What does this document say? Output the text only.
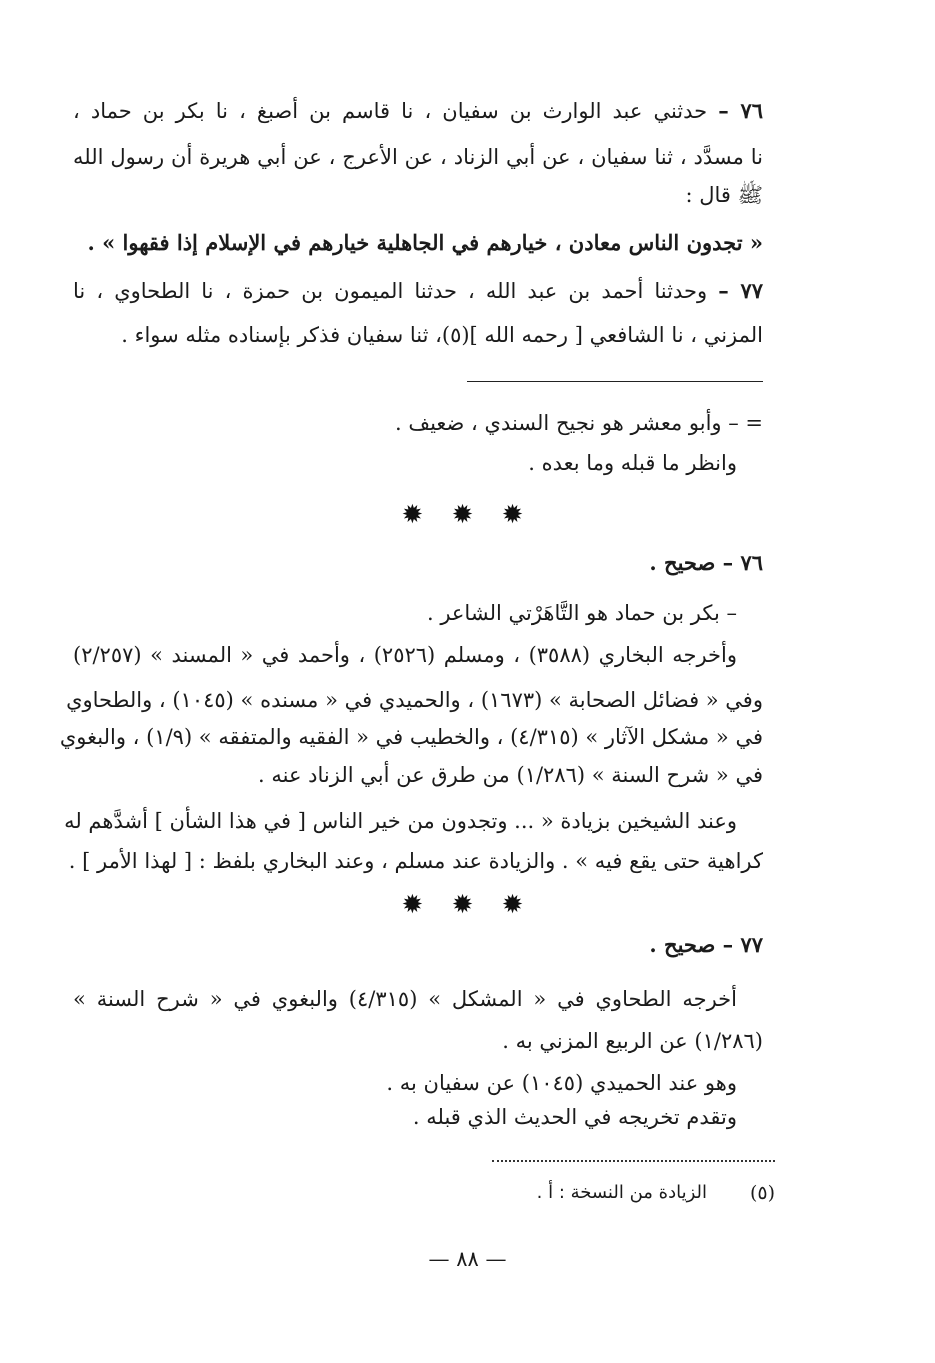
٧٦ – حدثني عبد الوارث بن سفيان ، نا قاسم بن أصبغ ، نا بكر بن حماد ،
نا مسدَّد ، ثنا سفيان ، عن أبي الزناد ، عن الأعرج ، عن أبي هريرة أن رسول الله
ﷺ قال :
« تجدون الناس معادن ، خيارهم في الجاهلية خيارهم في الإسلام إذا فقهوا » .
٧٧ – وحدثنا أحمد بن عبد الله ، حدثنا الميمون بن حمزة ، نا الطحاوي ، نا
المزني ، نا الشافعي [ رحمه الله ](٥)، ثنا سفيان فذكر بإسناده مثله سواء .
= – وأبو معشر هو نجيح السندي ، ضعيف .
وانظر ما قبله وما بعده .
✹ ✹ ✹
٧٦ – صحيح .
– بكر بن حماد هو التَّاهَرْتي الشاعر .
وأخرجه البخاري (٣٥٨٨) ، ومسلم (٢٥٢٦) ، وأحمد في « المسند » (٢/٢٥٧)
وفي « فضائل الصحابة » (١٦٧٣) ، والحميدي في « مسنده » (١٠٤٥) ، والطحاوي
في « مشكل الآثار » (٤/٣١٥) ، والخطيب في « الفقيه والمتفقه » (١/٩) ، والبغوي
في « شرح السنة » (١/٢٨٦) من طرق عن أبي الزناد عنه .
وعند الشيخين بزيادة « ... وتجدون من خير الناس [ في هذا الشأن ] أشدَّهم له
كراهية حتى يقع فيه » . والزيادة عند مسلم ، وعند البخاري بلفظ : [ لهذا الأمر ] .
✹ ✹ ✹
٧٧ – صحيح .
أخرجه الطحاوي في « المشكل » (٤/٣١٥) والبغوي في « شرح السنة »
(١/٢٨٦) عن الربيع المزني به .
وهو عند الحميدي (١٠٤٥) عن سفيان به .
وتقدم تخريجه في الحديث الذي قبله .
(٥)
الزيادة من النسخة : أ .
— ٨٨ —
